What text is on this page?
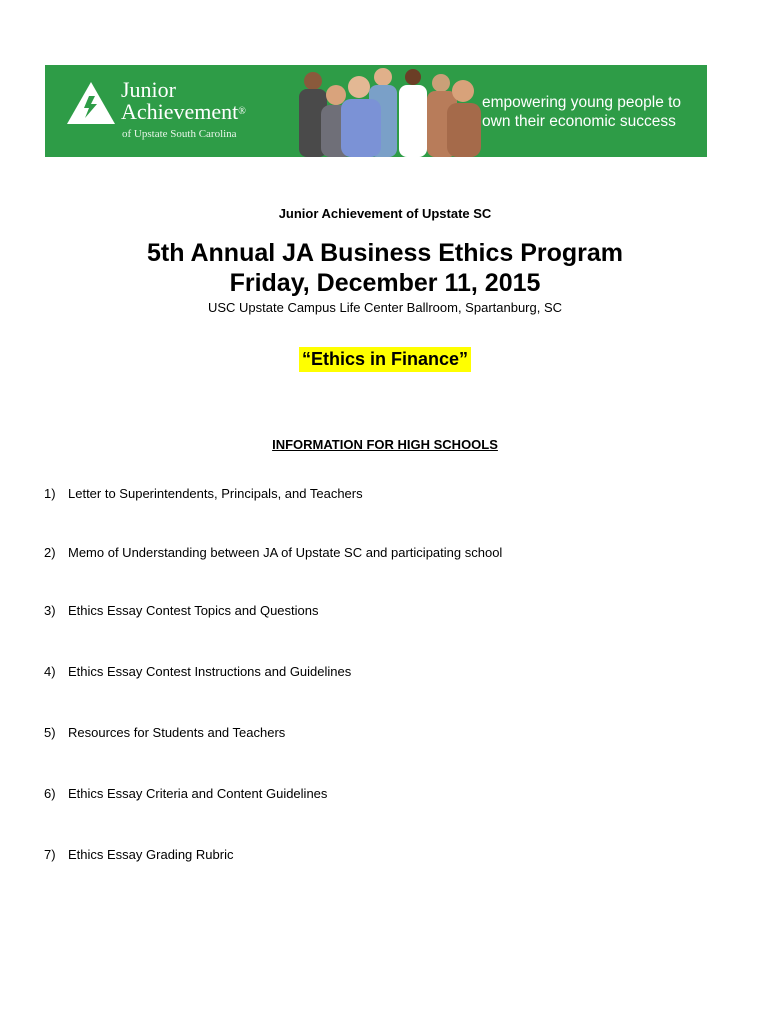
Junior
Achievement®
of Upstate South Carolina
empowering young people to
own their economic success
Junior Achievement of Upstate SC
5th Annual JA Business Ethics Program
Friday, December 11, 2015
USC Upstate Campus Life Center Ballroom, Spartanburg, SC
“Ethics in Finance”
INFORMATION FOR HIGH SCHOOLS
1) Letter to Superintendents, Principals, and Teachers
2) Memo of Understanding between JA of Upstate SC and participating school
3) Ethics Essay Contest Topics and Questions
4) Ethics Essay Contest Instructions and Guidelines
5) Resources for Students and Teachers
6) Ethics Essay Criteria and Content Guidelines
7) Ethics Essay Grading Rubric
